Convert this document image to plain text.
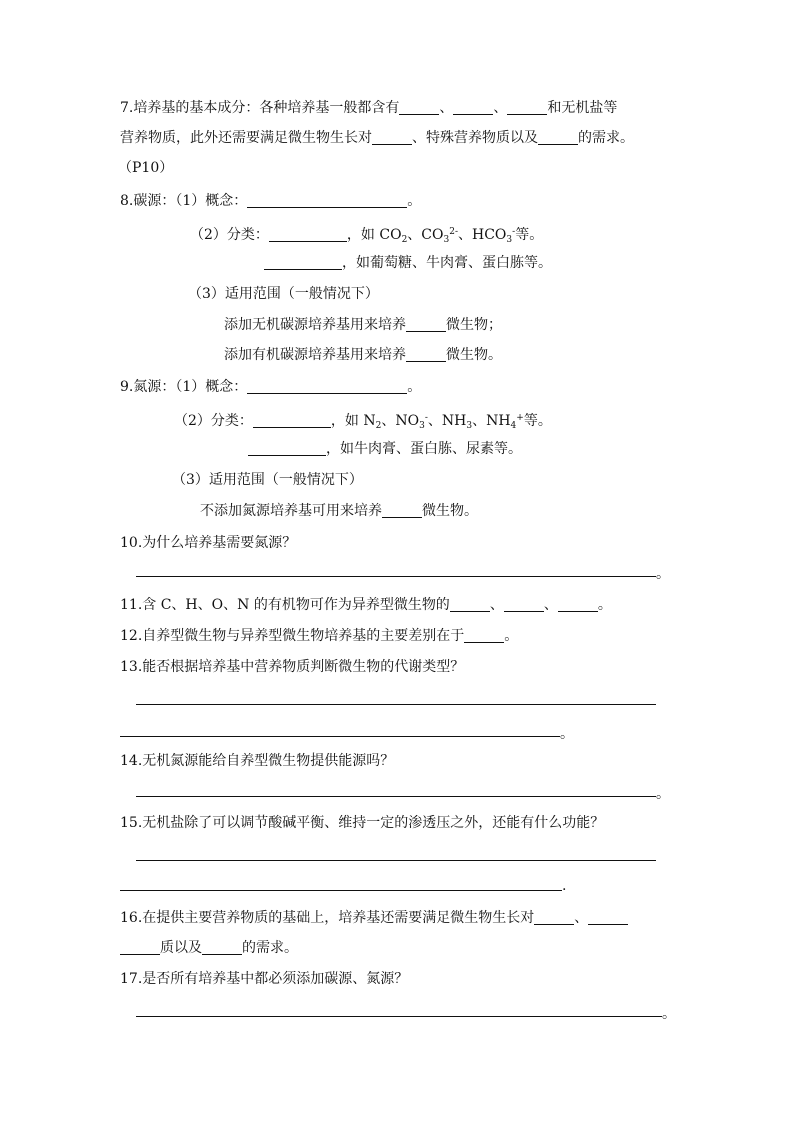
7.培养基的基本成分：各种培养基一般都含有	、	、	和无机盐等
营养物质，此外还需要满足微生物生长对	、特殊营养物质以及	的需求。
（P10）
8.碳源：（1）概念：	。
（2）分类：	，如 $CO_2$、$CO_3^{2-}$、$HCO_3^-$等。
，如葡萄糖、牛肉膏、蛋白胨等。
（3）适用范围（一般情况下）
添加无机碳源培养基用来培养	微生物；
添加有机碳源培养基用来培养	微生物。
9.氮源：（1）概念：	。
（2）分类：	，如 $N_2$、$NO_3^-$、$NH_3$、$NH_4^+$等。
，如牛肉膏、蛋白胨、尿素等。
（3）适用范围（一般情况下）
不添加氮源培养基可用来培养	微生物。
10.为什么培养基需要氮源？
。
11.含 C、H、O、N 的有机物可作为异养型微生物的	、	、	。
12.自养型微生物与异养型微生物培养基的主要差别在于	。
13.能否根据培养基中营养物质判断微生物的代谢类型？
。
14.无机氮源能给自养型微生物提供能源吗？
。
15.无机盐除了可以调节酸碱平衡、维持一定的渗透压之外，还能有什么功能？
.
16.在提供主要营养物质的基础上，培养基还需要满足微生物生长对	、
质以及	的需求。
17.是否所有培养基中都必须添加碳源、氮源？
。
